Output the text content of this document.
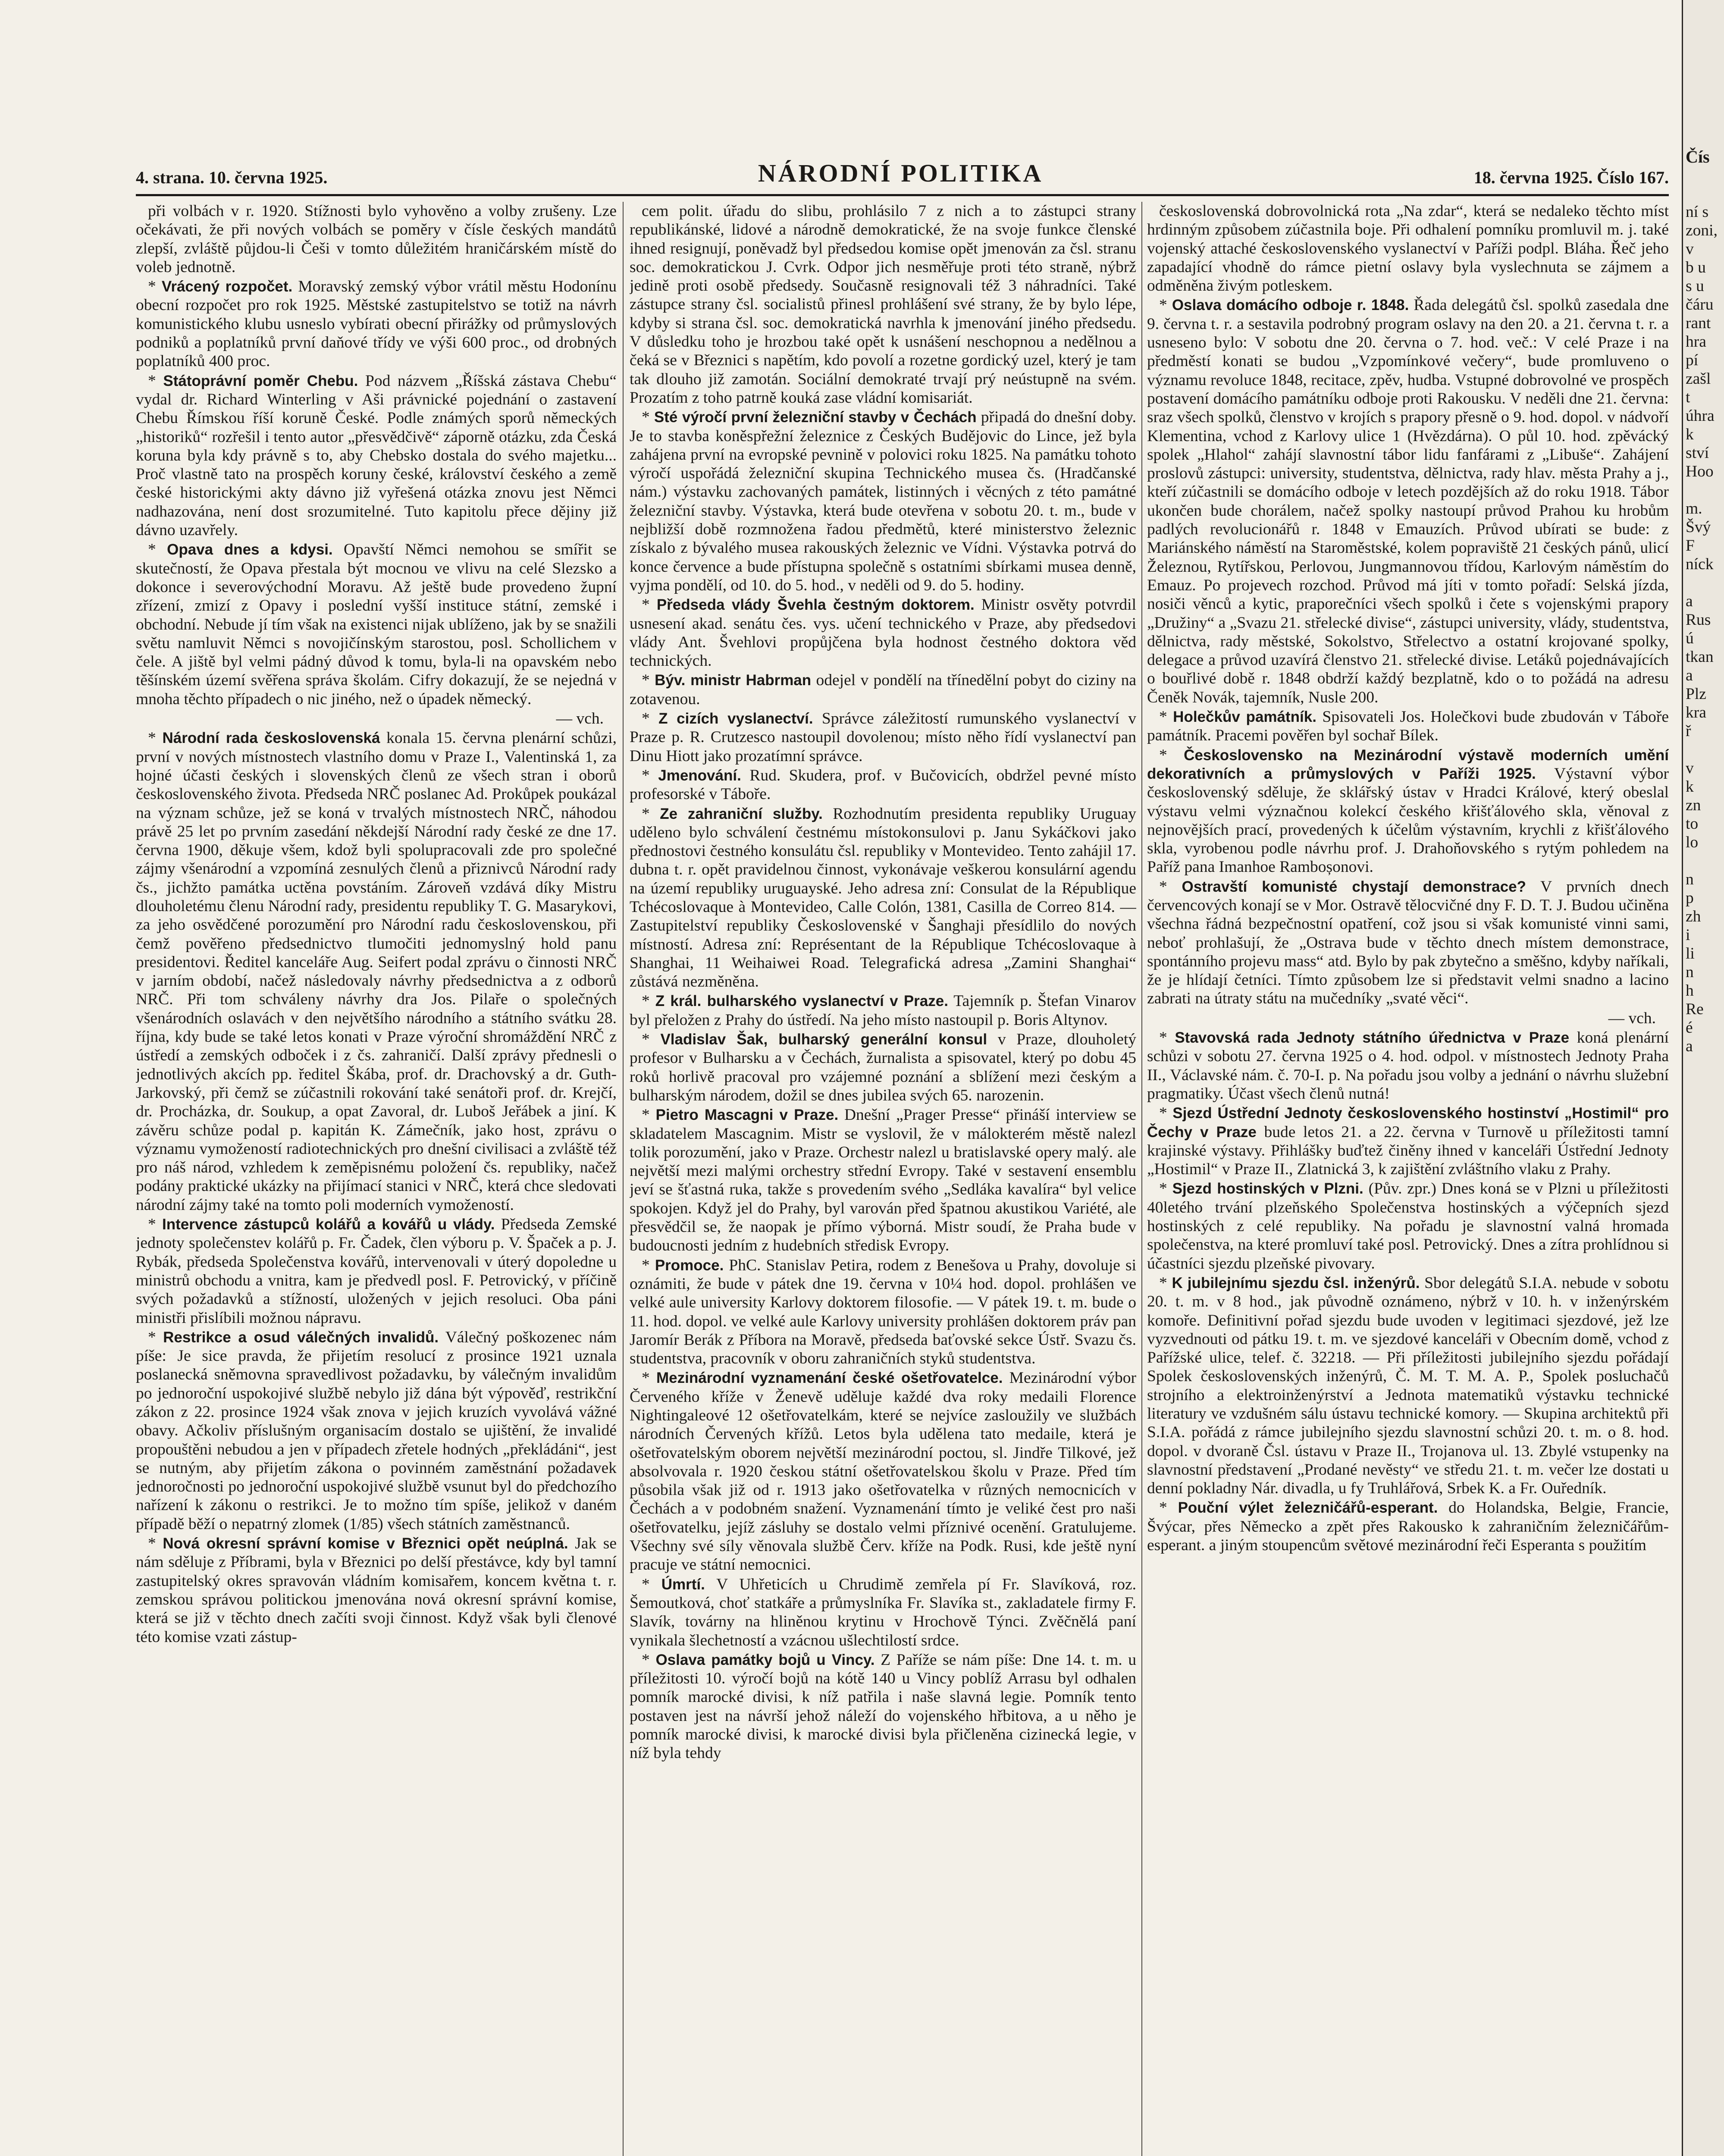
4. strana. 10. června 1925.	NÁRODNÍ POLITIKA	18. června 1925. Číslo 167.

při volbách v r. 1920. Stížnosti bylo vyhověno a volby zrušeny. Lze očekávati, že při nových volbách se poměry v čísle českých mandátů zlepší, zvláště půjdou-li Češi v tomto důležitém hraničárském místě do voleb jednotně.

* Vrácený rozpočet. Moravský zemský výbor vrátil městu Hodonínu obecní rozpočet pro rok 1925. Městské zastupitelstvo se totiž na návrh komunistického klubu usneslo vybírati obecní přirážky od průmyslových podniků a poplatníků první daňové třídy ve výši 600 proc., od drobných poplatníků 400 proc.

* Státoprávní poměr Chebu. Pod názvem „Říšská zástava Chebu“ vydal dr. Richard Winterling v Aši právnické pojednání o zastavení Chebu Římskou říší koruně České. Podle známých sporů německých „historiků“ rozřešil i tento autor „přesvědčivě“ záporně otázku, zda Česká koruna byla kdy právně s to, aby Chebsko dostala do svého majetku... Proč vlastně tato na prospěch koruny české, království českého a země české historickými akty dávno již vyřešená otázka znovu jest Němci nadhazována, není dost srozumitelné. Tuto kapitolu přece dějiny již dávno uzavřely.

* Opava dnes a kdysi. Opavští Němci nemohou se smířit se skutečností, že Opava přestala být mocnou ve vlivu na celé Slezsko a dokonce i severovýchodní Moravu. Až ještě bude provedeno župní zřízení, zmizí z Opavy i poslední vyšší instituce státní, zemské i obchodní. Nebude jí tím však na existenci nijak ublíženo, jak by se snažili světu namluvit Němci s novojičínským starostou, posl. Schollichem v čele. A jiště byl velmi pádný důvod k tomu, byla-li na opavském nebo těšínském území svěřena správa školám. Cifry dokazují, že se nejedná v mnoha těchto případech o nic jiného, než o úpadek německý.

— vch.

* Národní rada československá konala 15. června plenární schůzi, první v nových místnostech vlastního domu v Praze I., Valentinská 1, za hojné účasti českých i slovenských členů ze všech stran i oborů československého života. Předseda NRČ poslanec Ad. Prokůpek poukázal na význam schůze, jež se koná v trvalých místnostech NRČ, náhodou právě 25 let po prvním zasedání někdejší Národní rady české ze dne 17. června 1900, děkuje všem, kdož byli spolupracovali zde pro společné zájmy všenárodní a vzpomíná zesnulých členů a přiznivců Národní rady čs., jichžto památka uctěna povstáním. Zároveň vzdává díky Mistru dlouholetému členu Národní rady, presidentu republiky T. G. Masarykovi, za jeho osvědčené porozumění pro Národní radu československou, při čemž pověřeno předsednictvo tlumočiti jednomyslný hold panu presidentovi. Ředitel kanceláře Aug. Seifert podal zprávu o činnosti NRČ v jarním období, načež následovaly návrhy předsednictva a z odborů NRČ. Při tom schváleny návrhy dra Jos. Pilaře o společných všenárodních oslavách v den největšího národního a státního svátku 28. října, kdy bude se také letos konati v Praze výroční shromáždění NRČ z ústředí a zemských odboček i z čs. zahraničí. Další zprávy přednesli o jednotlivých akcích pp. ředitel Škába, prof. dr. Drachovský a dr. Guth-Jarkovský, při čemž se zúčastnili rokování také senátoři prof. dr. Krejčí, dr. Procházka, dr. Soukup, a opat Zavoral, dr. Luboš Jeřábek a jiní. K závěru schůze podal p. kapitán K. Zámečník, jako host, zprávu o významu vymožeností radiotechnických pro dnešní civilisaci a zvláště též pro náš národ, vzhledem k zeměpisnému položení čs. republiky, načež podány praktické ukázky na přijímací stanici v NRČ, která chce sledovati národní zájmy také na tomto poli moderních vymožeností.

* Intervence zástupců kolářů a kovářů u vlády. Předseda Zemské jednoty společenstev kolářů p. Fr. Čadek, člen výboru p. V. Špaček a p. J. Rybák, předseda Společenstva kovářů, intervenovali v úterý dopoledne u ministrů obchodu a vnitra, kam je předvedl posl. F. Petrovický, v příčině svých požadavků a stížností, uložených v jejich resoluci. Oba páni ministři přislíbili možnou nápravu.

* Restrikce a osud válečných invalidů. Válečný poškozenec nám píše: Je sice pravda, že přijetím resolucí z prosince 1921 uznala poslanecká sněmovna spravedlivost požadavku, by válečným invalidům po jednoroční uspokojivé službě nebylo již dána být výpověď, restrikční zákon z 22. prosince 1924 však znova v jejich kruzích vyvolává vážné obavy. Ačkoliv příslušným organisacím dostalo se ujištění, že invalidé propouštěni nebudou a jen v případech zřetele hodných „překládáni“, jest se nutným, aby přijetím zákona o povinném zaměstnání požadavek jednoročnosti po jednoroční uspokojivé službě vsunut byl do předchozího nařízení k zákonu o restrikci. Je to možno tím spíše, jelikož v daném případě běží o nepatrný zlomek (1/85) všech státních zaměstnanců.

* Nová okresní správní komise v Březnici opět neúplná. Jak se nám sděluje z Příbrami, byla v Březnici po delší přestávce, kdy byl tamní zastupitelský okres spravován vládním komisařem, koncem května t. r. zemskou správou politickou jmenována nová okresní správní komise, která se již v těchto dnech začíti svoji činnost. Když však byli členové této komise vzati zástup-

cem polit. úřadu do slibu, prohlásilo 7 z nich a to zástupci strany republikánské, lidové a národně demokratické, že na svoje funkce členské ihned resignují, poněvadž byl předsedou komise opět jmenován za čsl. stranu soc. demokratickou J. Cvrk. Odpor jich nesměřuje proti této straně, nýbrž jedině proti osobě předsedy. Současně resignovali též 3 náhradníci. Také zástupce strany čsl. socialistů přinesl prohlášení své strany, že by bylo lépe, kdyby si strana čsl. soc. demokratická navrhla k jmenování jiného předsedu. V důsledku toho je hrozbou také opět k usnášení neschopnou a nedělnou a čeká se v Březnici s napětím, kdo povolí a rozetne gordický uzel, který je tam tak dlouho již zamotán. Sociální demokraté trvají prý neústupně na svém. Prozatím z toho patrně kouká zase vládní komisariát.

* Sté výročí první železniční stavby v Čechách připadá do dnešní doby. Je to stavba koněspřežní železnice z Českých Budějovic do Lince, jež byla zahájena první na evropské pevnině v polovici roku 1825. Na památku tohoto výročí uspořádá železniční skupina Technického musea čs. (Hradčanské nám.) výstavku zachovaných památek, listinných i věcných z této památné železniční stavby. Výstavka, která bude otevřena v sobotu 20. t. m., bude v nejbližší době rozmnožena řadou předmětů, které ministerstvo železnic získalo z bývalého musea rakouských železnic ve Vídni. Výstavka potrvá do konce července a bude přístupna společně s ostatními sbírkami musea denně, vyjma pondělí, od 10. do 5. hod., v neděli od 9. do 5. hodiny.

* Předseda vlády Švehla čestným doktorem. Ministr osvěty potvrdil usnesení akad. senátu čes. vys. učení technického v Praze, aby předsedovi vlády Ant. Švehlovi propůjčena byla hodnost čestného doktora věd technických.

* Býv. ministr Habrman odejel v pondělí na třínedělní pobyt do ciziny na zotavenou.

* Z cizích vyslanectví. Správce záležitostí rumunského vyslanectví v Praze p. R. Crutzesco nastoupil dovolenou; místo něho řídí vyslanectví pan Dinu Hiott jako prozatímní správce.

* Jmenování. Rud. Skudera, prof. v Bučovicích, obdržel pevné místo profesorské v Táboře.

* Ze zahraniční služby. Rozhodnutím presidenta republiky Uruguay uděleno bylo schválení čestnému místokonsulovi p. Janu Sykáčkovi jako přednostovi čestného konsulátu čsl. republiky v Montevideo. Tento zahájil 17. dubna t. r. opět pravidelnou činnost, vykonávaje veškerou konsulární agendu na území republiky uruguayské. Jeho adresa zní: Consulat de la République Tchécoslovaque à Montevideo, Calle Colón, 1381, Casilla de Correo 814. — Zastupitelství republiky Československé v Šanghaji přesídlilo do nových místností. Adresa zní: Représentant de la République Tchécoslovaque à Shanghai, 11 Weihaiwei Road. Telegrafická adresa „Zamini Shanghai“ zůstává nezměněna.

* Z král. bulharského vyslanectví v Praze. Tajemník p. Štefan Vinarov byl přeložen z Prahy do ústředí. Na jeho místo nastoupil p. Boris Altynov.

* Vladislav Šak, bulharský generální konsul v Praze, dlouholetý profesor v Bulharsku a v Čechách, žurnalista a spisovatel, který po dobu 45 roků horlivě pracoval pro vzájemné poznání a sblížení mezi českým a bulharským národem, dožil se dnes jubilea svých 65. narozenin.

* Pietro Mascagni v Praze. Dnešní „Prager Presse“ přináší interview se skladatelem Mascagnim. Mistr se vyslovil, že v málokterém městě nalezl tolik porozumění, jako v Praze. Orchestr nalezl u bratislavské opery malý. ale největší mezi malými orchestry střední Evropy. Také v sestavení ensemblu jeví se šťastná ruka, takže s provedením svého „Sedláka kavalíra“ byl velice spokojen. Když jel do Prahy, byl varován před špatnou akustikou Variété, ale přesvědčil se, že naopak je přímo výborná. Mistr soudí, že Praha bude v budoucnosti jedním z hudebních středisk Evropy.

* Promoce. PhC. Stanislav Petira, rodem z Benešova u Prahy, dovoluje si oznámiti, že bude v pátek dne 19. června v 10¼ hod. dopol. prohlášen ve velké aule university Karlovy doktorem filosofie. — V pátek 19. t. m. bude o 11. hod. dopol. ve velké aule Karlovy university prohlášen doktorem práv pan Jaromír Berák z Příbora na Moravě, předseda baťovské sekce Ústř. Svazu čs. studentstva, pracovník v oboru zahraničních styků studentstva.

* Mezinárodní vyznamenání české ošetřovatelce. Mezinárodní výbor Červeného kříže v Ženevě uděluje každé dva roky medaili Florence Nightingaleové 12 ošetřovatelkám, které se nejvíce zasloužily ve službách národních Červených křížů. Letos byla udělena tato medaile, která je ošetřovatelským oborem největší mezinárodní poctou, sl. Jindře Tilkové, jež absolvovala r. 1920 českou státní ošetřovatelskou školu v Praze. Před tím působila však již od r. 1913 jako ošetřovatelka v různých nemocnicích v Čechách a v podobném snažení. Vyznamenání tímto je veliké čest pro naši ošetřovatelku, jejíž zásluhy se dostalo velmi příznivé ocenění. Gratulujeme. Všechny své síly věnovala službě Červ. kříže na Podk. Rusi, kde ještě nyní pracuje ve státní nemocnici.

* Úmrtí. V Uhřeticích u Chrudimě zemřela pí Fr. Slavíková, roz. Šemoutková, choť statkáře a průmyslníka Fr. Slavíka st., zakladatele firmy F. Slavík, továrny na hliněnou krytinu v Hrochově Týnci. Zvěčnělá paní vynikala šlechetností a vzácnou ušlechtilostí srdce.

* Oslava památky bojů u Vincy. Z Paříže se nám píše: Dne 14. t. m. u příležitosti 10. výročí bojů na kótě 140 u Vincy poblíž Arrasu byl odhalen pomník marocké divisi, k níž patřila i naše slavná legie. Pomník tento postaven jest na návrší jehož náleží do vojenského hřbitova, a u něho je pomník marocké divisi, k marocké divisi byla přičleněna cizinecká legie, v níž byla tehdy

československá dobrovolnická rota „Na zdar“, která se nedaleko těchto míst hrdinným způsobem zúčastnila boje. Při odhalení pomníku promluvil m. j. také vojenský attaché československého vyslanectví v Paříži podpl. Bláha. Řeč jeho zapadající vhodně do rámce pietní oslavy byla vyslechnuta se zájmem a odměněna živým potleskem.

* Oslava domácího odboje r. 1848. Řada delegátů čsl. spolků zasedala dne 9. června t. r. a sestavila podrobný program oslavy na den 20. a 21. června t. r. a usneseno bylo: V sobotu dne 20. června o 7. hod. več.: V celé Praze i na předměstí konati se budou „Vzpomínkové večery“, bude promluveno o významu revoluce 1848, recitace, zpěv, hudba. Vstupné dobrovolné ve prospěch postavení domácího památníku odboje proti Rakousku. V neděli dne 21. června: sraz všech spolků, členstvo v krojích s prapory přesně o 9. hod. dopol. v nádvoří Klementina, vchod z Karlovy ulice 1 (Hvězdárna). O půl 10. hod. zpěvácký spolek „Hlahol“ zahájí slavnostní tábor lidu fanfárami z „Libuše“. Zahájení proslovů zástupci: university, studentstva, dělnictva, rady hlav. města Prahy a j., kteří zúčastnili se domácího odboje v letech pozdějších až do roku 1918. Tábor ukončen bude chorálem, načež spolky nastoupí průvod Prahou ku hrobům padlých revolucionářů r. 1848 v Emauzích. Průvod ubírati se bude: z Mariánského náměstí na Staroměstské, kolem popraviště 21 českých pánů, ulicí Železnou, Rytířskou, Perlovou, Jungmannovou třídou, Karlovým náměstím do Emauz. Po projevech rozchod. Průvod má jíti v tomto pořadí: Selská jízda, nosiči věnců a kytic, praporečníci všech spolků i čete s vojenskými prapory „Družiny“ a „Svazu 21. střelecké divise“, zástupci university, vlády, studentstva, dělnictva, rady městské, Sokolstvo, Střelectvo a ostatní krojované spolky, delegace a průvod uzavírá členstvo 21. střelecké divise. Letáků pojednávajících o bouřlivé době r. 1848 obdrží každý bezplatně, kdo o to požádá na adresu Čeněk Novák, tajemník, Nusle 200.

* Holečkův památník. Spisovateli Jos. Holečkovi bude zbudován v Táboře památník. Pracemi pověřen byl sochař Bílek.

* Československo na Mezinárodní výstavě moderních umění dekorativních a průmyslových v Paříži 1925. Výstavní výbor československý sděluje, že sklářský ústav v Hradci Králové, který obeslal výstavu velmi význačnou kolekcí českého křišťálového skla, věnoval z nejnovějších prací, provedených k účelům výstavním, krychli z křišťálového skla, vyrobenou podle návrhu prof. J. Drahoňovského s rytým pohledem na Paříž pana Imanhoe Ramboșonovi.

* Ostravští komunisté chystají demonstrace? V prvních dnech červencových konají se v Mor. Ostravě tělocvičné dny F. D. T. J. Budou učiněna všechna řádná bezpečnostní opatření, což jsou si však komunisté vinni sami, neboť prohlašují, že „Ostrava bude v těchto dnech místem demonstrace, spontánního projevu mass“ atd. Bylo by pak zbytečno a směšno, kdyby naříkali, že je hlídají četníci. Tímto způsobem lze si představit velmi snadno a lacino zabrati na útraty státu na mučedníky „svaté věci“.

— vch.

* Stavovská rada Jednoty státního úřednictva v Praze koná plenární schůzi v sobotu 27. června 1925 o 4. hod. odpol. v místnostech Jednoty Praha II., Václavské nám. č. 70-I. p. Na pořadu jsou volby a jednání o návrhu služební pragmatiky. Účast všech členů nutná!

* Sjezd Ústřední Jednoty československého hostinství „Hostimil“ pro Čechy v Praze bude letos 21. a 22. června v Turnově u příležitosti tamní krajinské výstavy. Přihlášky buďtež činěny ihned v kanceláři Ústřední Jednoty „Hostimil“ v Praze II., Zlatnická 3, k zajištění zvláštního vlaku z Prahy.

* Sjezd hostinských v Plzni. (Pův. zpr.) Dnes koná se v Plzni u příležitosti 40letého trvání plzeňského Společenstva hostinských a výčepních sjezd hostinských z celé republiky. Na pořadu je slavnostní valná hromada společenstva, na které promluví také posl. Petrovický. Dnes a zítra prohlídnou si účastníci sjezdu plzeňské pivovary.

* K jubilejnímu sjezdu čsl. inženýrů. Sbor delegátů S.I.A. nebude v sobotu 20. t. m. v 8 hod., jak původně oznámeno, nýbrž v 10. h. v inženýrském komoře. Definitivní pořad sjezdu bude uvoden v legitimaci sjezdové, jež lze vyzvednouti od pátku 19. t. m. ve sjezdové kanceláři v Obecním domě, vchod z Pařížské ulice, telef. č. 32218. — Při příležitosti jubilejního sjezdu pořádají Spolek československých inženýrů, Č. M. T. M. A. P., Spolek posluchačů strojního a elektroinženýrství a Jednota matematiků výstavku technické literatury ve vzdušném sálu ústavu technické komory. — Skupina architektů při S.I.A. pořádá z rámce jubilejního sjezdu slavnostní schůzi 20. t. m. o 8. hod. dopol. v dvoraně Čsl. ústavu v Praze II., Trojanova ul. 13. Zbylé vstupenky na slavnostní představení „Prodané nevěsty“ ve středu 21. t. m. večer lze dostati u denní pokladny Nár. divadla, u fy Truhlářová, Srbek K. a Fr. Ouředník.

* Pouční výlet železničářů-esperant. do Holandska, Belgie, Francie, Švýcar, přes Německo a zpět přes Rakousko k zahraničním železničářům-esperant. a jiným stoupencům světové mezinárodní řeči Esperanta s použitím

Čís
ní s
zoni,
v
b u
s u
čáru
rant
hra
pí
zašl
t
úhra
k
ství
Hoo
m.
Švý
F
níck
a
Rus
ú
tkan
a
Plz
kra
ř
v
k
zn
to
lo
n
p
zh
i
li
n
h
Re
é
a
